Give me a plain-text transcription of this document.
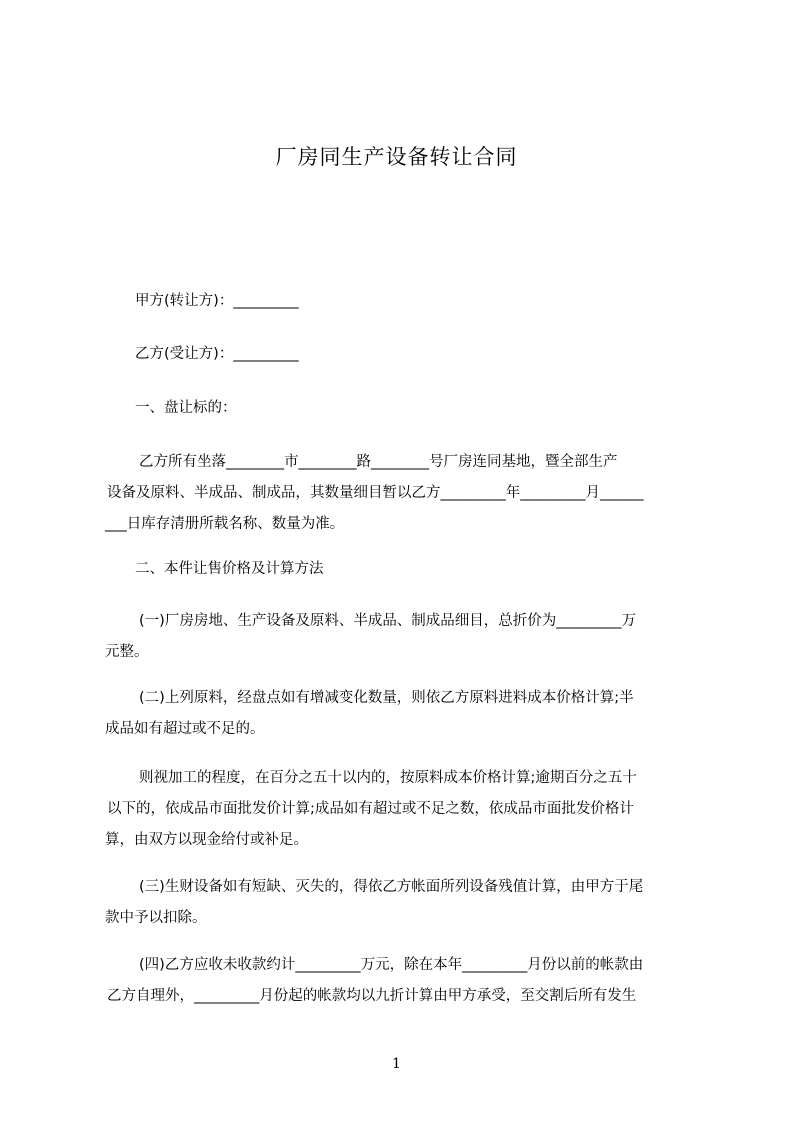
厂房同生产设备转让合同
甲方(转让方)：_________
乙方(受让方)：_________
一、盘让标的：
乙方所有坐落________市________路________号厂房连同基地，暨全部生产
设备及原料、半成品、制成品，其数量细目暂以乙方_________年_________月______
___日库存清册所载名称、数量为准。
二、本件让售价格及计算方法
(一)厂房房地、生产设备及原料、半成品、制成品细目，总折价为_________万
元整。
(二)上列原料，经盘点如有增减变化数量，则依乙方原料进料成本价格计算;半
成品如有超过或不足的。
则视加工的程度，在百分之五十以内的，按原料成本价格计算;逾期百分之五十
以下的，依成品市面批发价计算;成品如有超过或不足之数，依成品市面批发价格计
算，由双方以现金给付或补足。
(三)生财设备如有短缺、灭失的，得依乙方帐面所列设备残值计算，由甲方于尾
款中予以扣除。
(四)乙方应收未收款约计_________万元，除在本年_________月份以前的帐款由
乙方自理外，_________月份起的帐款均以九折计算由甲方承受，至交割后所有发生
1
